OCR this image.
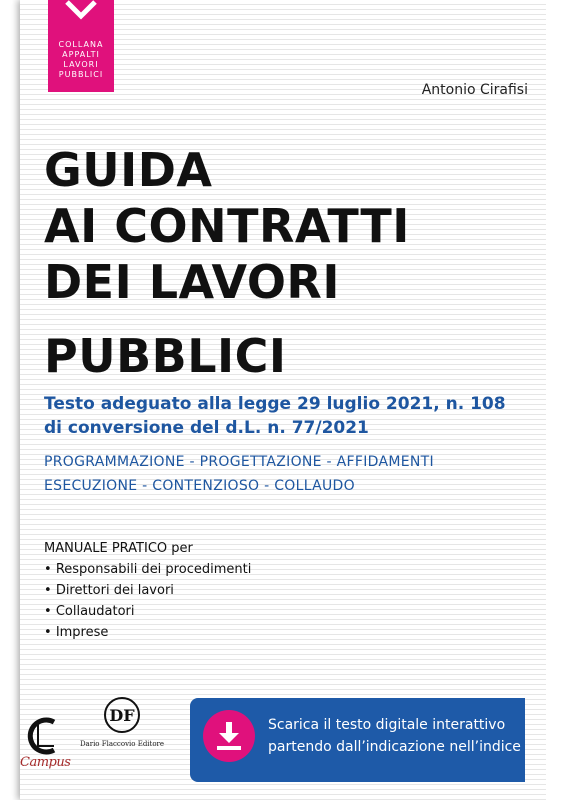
COLLANA
APPALTI
LAVORI
PUBBLICI
Antonio Cirafisi
GUIDA
AI CONTRATTI
DEI LAVORI
PUBBLICI
Testo adeguato alla legge 29 luglio 2021, n. 108
di conversione del d.L. n. 77/2021
PROGRAMMAZIONE - PROGETTAZIONE - AFFIDAMENTI
ESECUZIONE - CONTENZIOSO - COLLAUDO
MANUALE PRATICO per
• Responsabili dei procedimenti
• Direttori dei lavori
• Collaudatori
• Imprese
Campus
DF
Dario Flaccovio Editore
Scarica il testo digitale interattivo
partendo dall’indicazione nell’indice
